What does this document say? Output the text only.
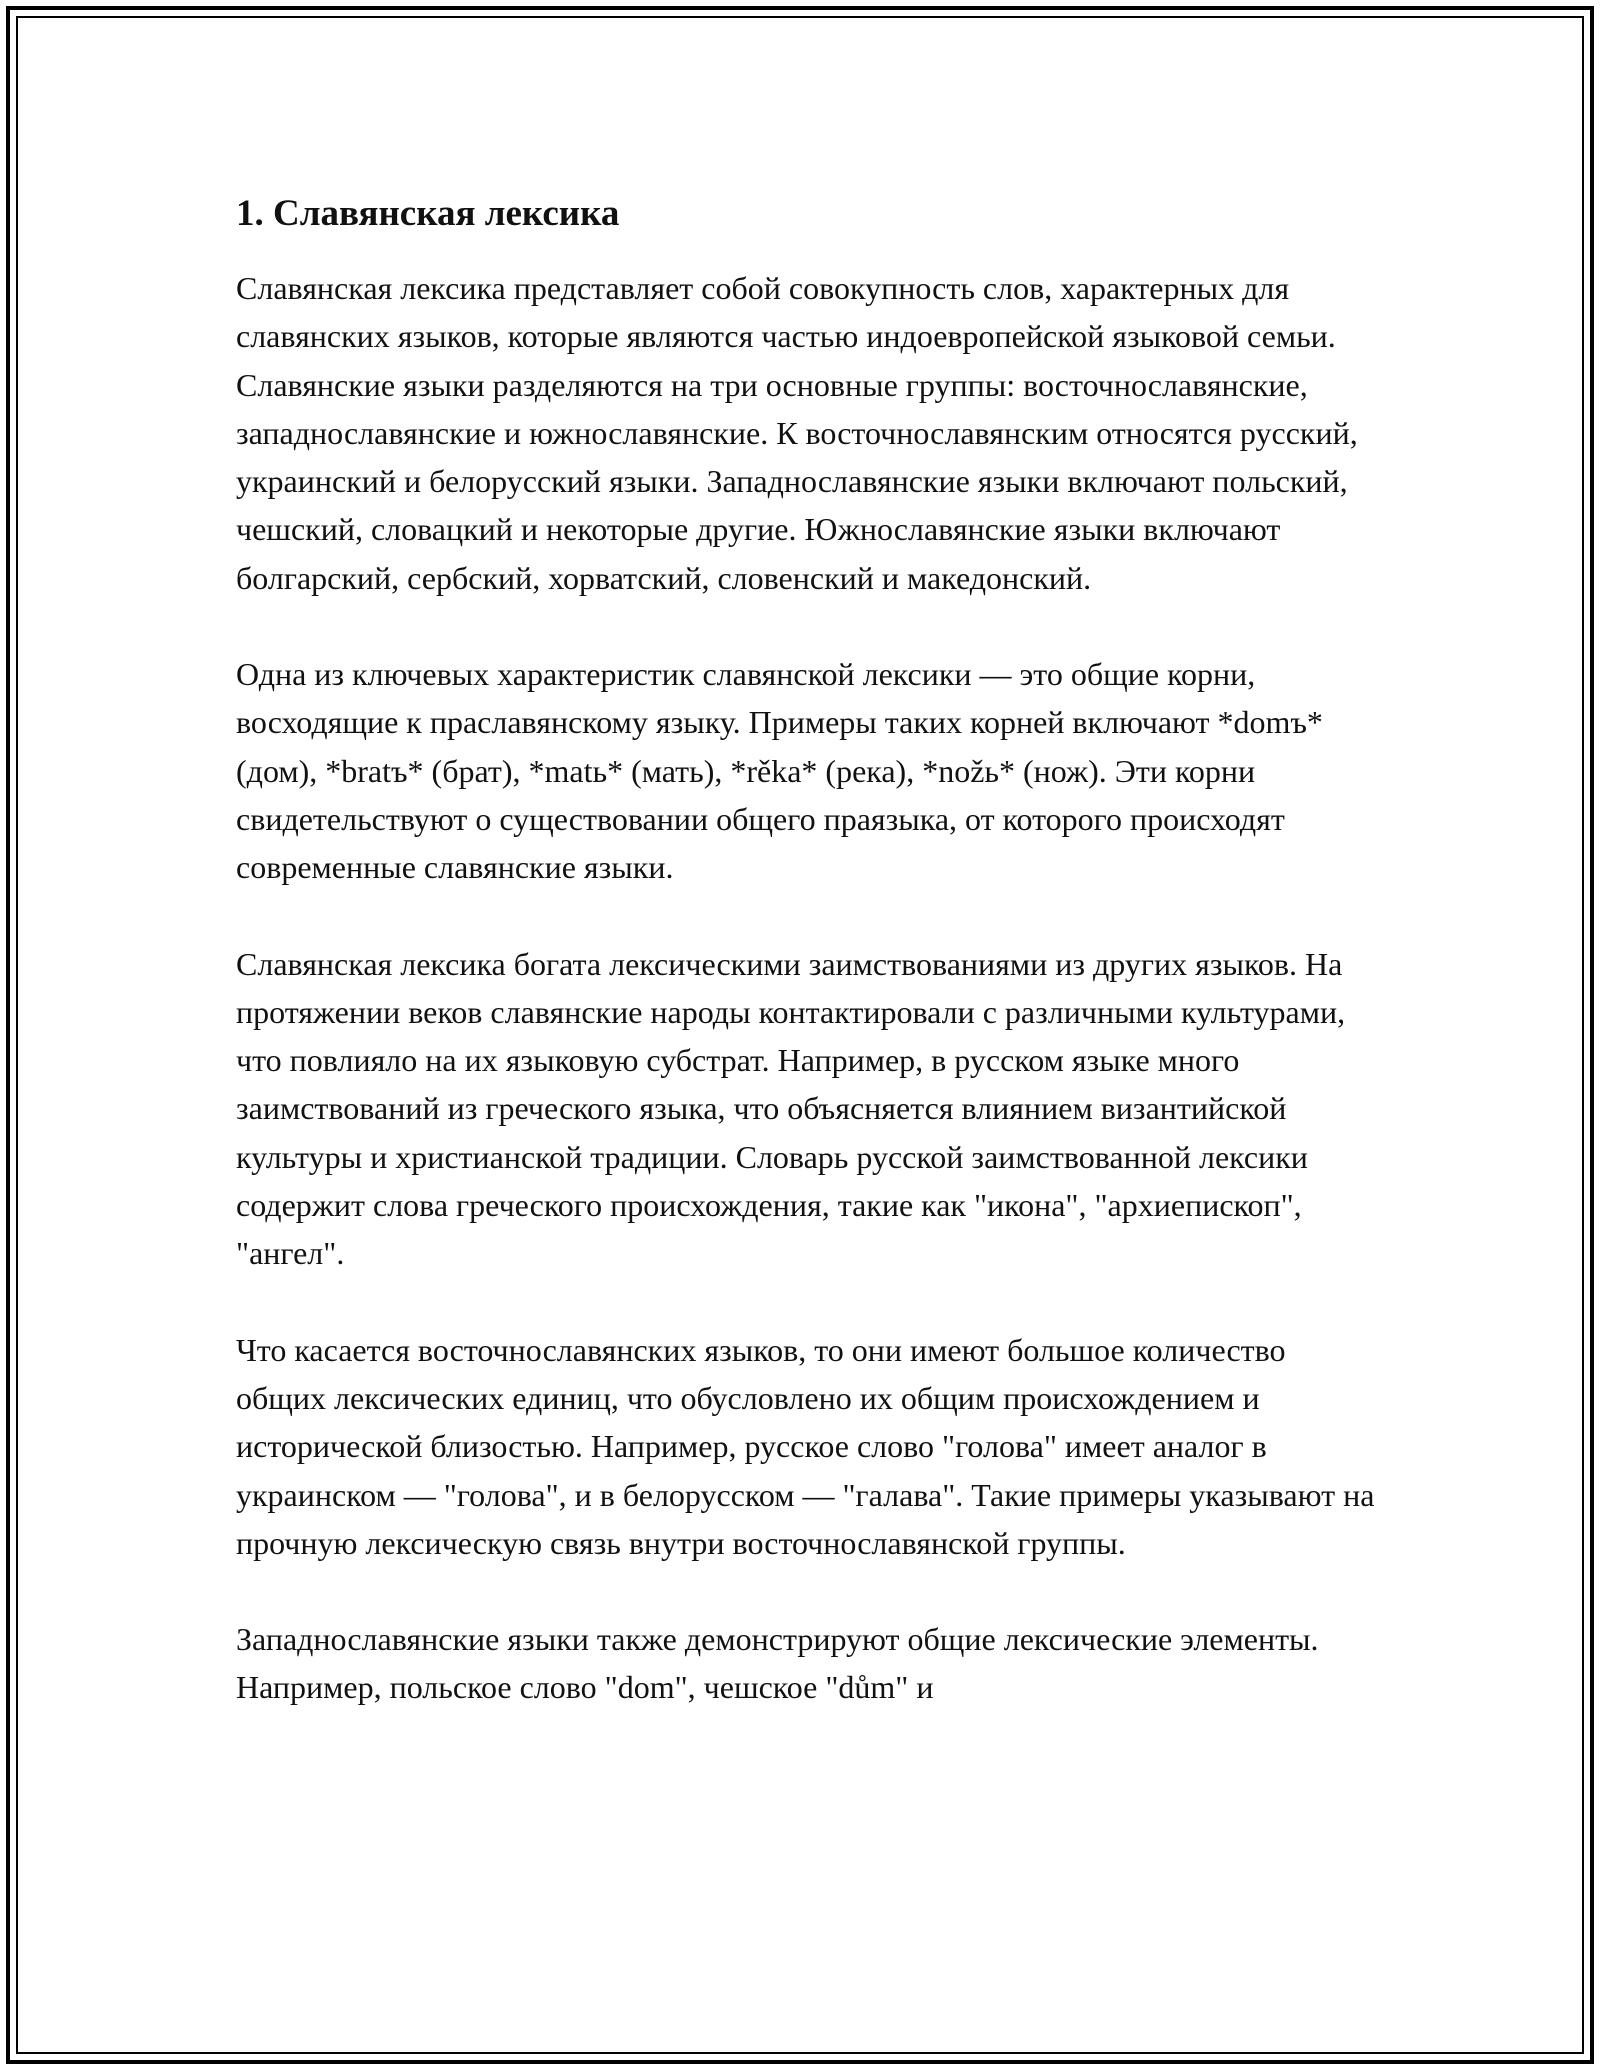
1. Славянская лексика

Славянская лексика представляет собой совокупность слов, характерных для славянских языков, которые являются частью индоевропейской языковой семьи. Славянские языки разделяются на три основные группы: восточнославянские, западнославянские и южнославянские. К восточнославянским относятся русский, украинский и белорусский языки. Западнославянские языки включают польский, чешский, словацкий и некоторые другие. Южнославянские языки включают болгарский, сербский, хорватский, словенский и македонский.

Одна из ключевых характеристик славянской лексики — это общие корни, восходящие к праславянскому языку. Примеры таких корней включают *domъ* (дом), *bratъ* (брат), *matь* (мать), *rěka* (река), *nožь* (нож). Эти корни свидетельствуют о существовании общего праязыка, от которого происходят современные славянские языки.

Славянская лексика богата лексическими заимствованиями из других языков. На протяжении веков славянские народы контактировали с различными культурами, что повлияло на их языковую субстрат. Например, в русском языке много заимствований из греческого языка, что объясняется влиянием византийской культуры и христианской традиции. Словарь русской заимствованной лексики содержит слова греческого происхождения, такие как "икона", "архиепископ", "ангел".

Что касается восточнославянских языков, то они имеют большое количество общих лексических единиц, что обусловлено их общим происхождением и исторической близостью. Например, русское слово "голова" имеет аналог в украинском — "голова", и в белорусском — "галава". Такие примеры указывают на прочную лексическую связь внутри восточнославянской группы.

Западнославянские языки также демонстрируют общие лексические элементы. Например, польское слово "dom", чешское "dům" и
